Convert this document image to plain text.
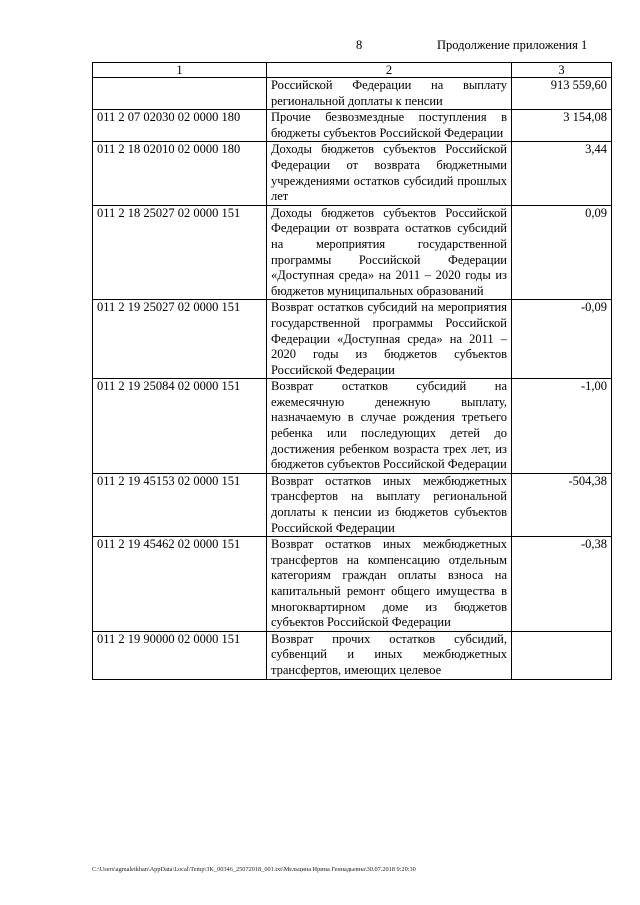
8	Продолжение приложения 1
1	2	3
	Российской Федерации на выплату региональной доплаты к пенсии	913 559,60
011 2 07 02030 02 0000 180	Прочие безвозмездные поступления в бюджеты субъектов Российской Федерации	3 154,08
011 2 18 02010 02 0000 180	Доходы бюджетов субъектов Российской Федерации от возврата бюджетными учреждениями остатков субсидий прошлых лет	3,44
011 2 18 25027 02 0000 151	Доходы бюджетов субъектов Российской Федерации от возврата остатков субсидий на мероприятия государственной программы Российской Федерации «Доступная среда» на 2011 – 2020 годы из бюджетов муниципальных образований	0,09
011 2 19 25027 02 0000 151	Возврат остатков субсидий на мероприятия государственной программы Российской Федерации «Доступная среда» на 2011 – 2020 годы из бюджетов субъектов Российской Федерации	-0,09
011 2 19 25084 02 0000 151	Возврат остатков субсидий на ежемесячную денежную выплату, назначаемую в случае рождения третьего ребенка или последующих детей до достижения ребенком возраста трех лет, из бюджетов субъектов Российской Федерации	-1,00
011 2 19 45153 02 0000 151	Возврат остатков иных межбюджетных трансфертов на выплату региональной доплаты к пенсии из бюджетов субъектов Российской Федерации	-504,38
011 2 19 45462 02 0000 151	Возврат остатков иных межбюджетных трансфертов на компенсацию отдельным категориям граждан оплаты взноса на капитальный ремонт общего имущества в многоквартирном доме из бюджетов субъектов Российской Федерации	-0,38
011 2 19 90000 02 0000 151	Возврат прочих остатков субсидий, субвенций и иных межбюджетных трансфертов, имеющих целевое	
C:\Users\agmaleikhan\AppData\Local\Temp\3K_00346_25072018_001.txt\Мельцина Ирина Геннадьевна\30.07.2018 9:20:30
